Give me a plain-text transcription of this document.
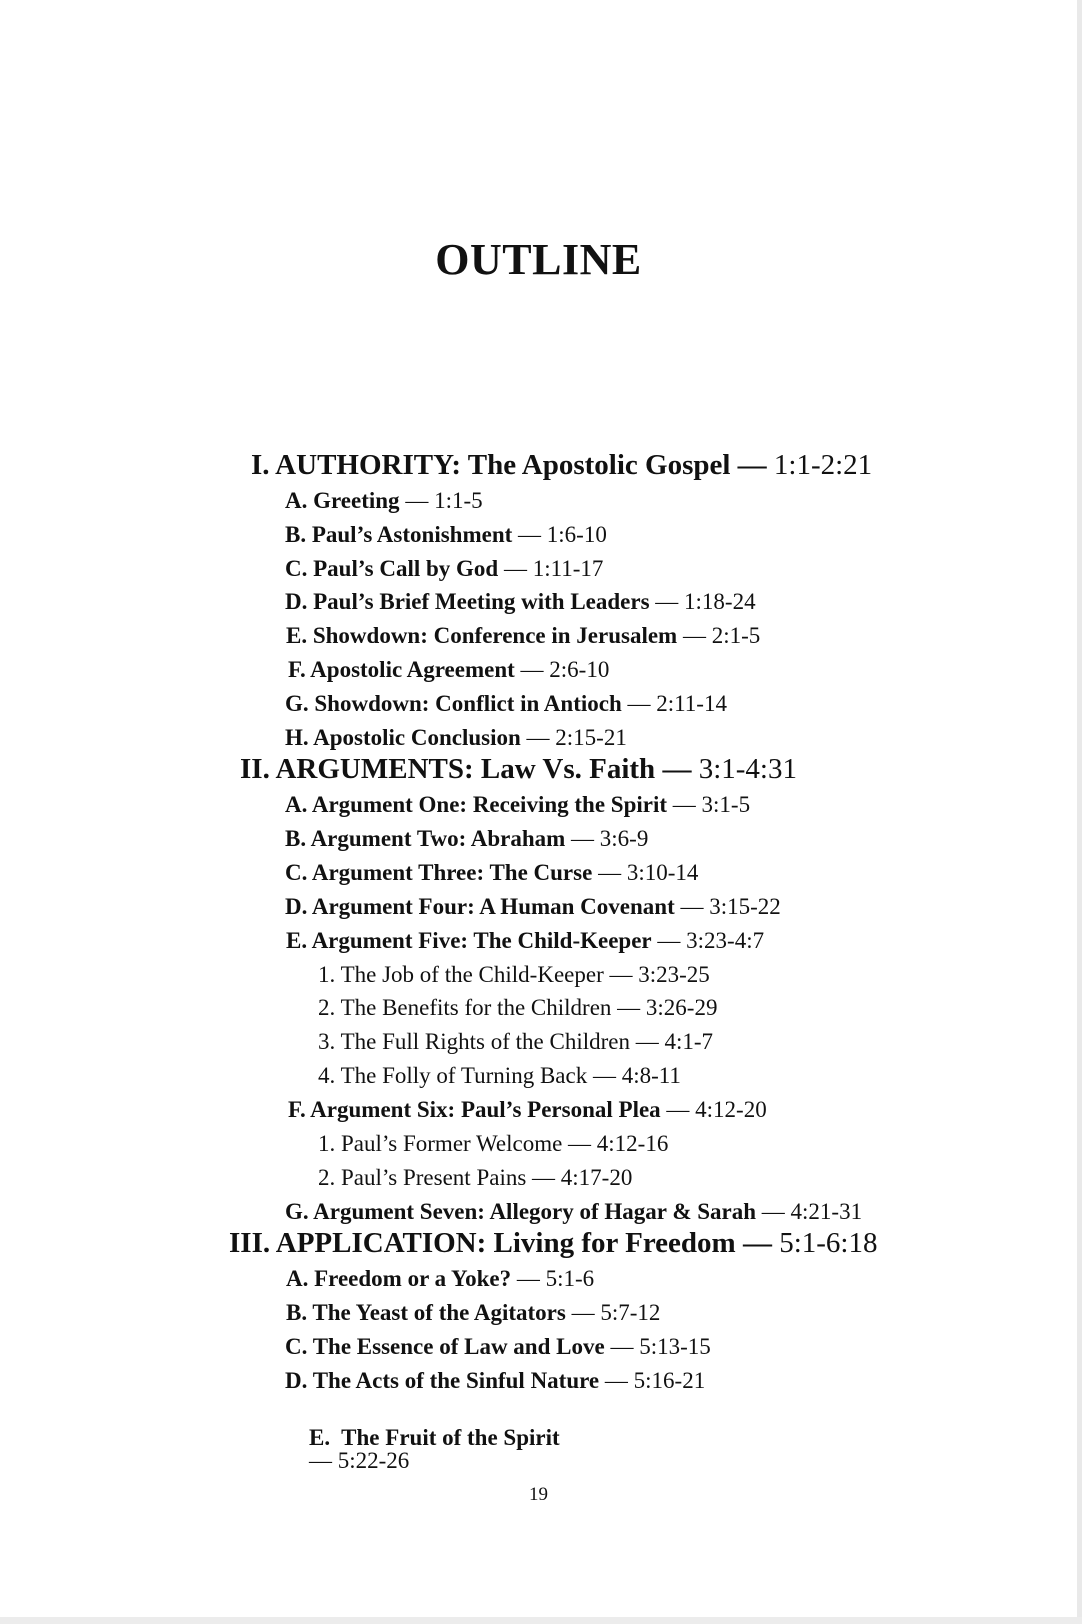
OUTLINE
I. AUTHORITY: The Apostolic Gospel — 1:1-2:21
A. Greeting — 1:1-5
B. Paul’s Astonishment — 1:6-10
C. Paul’s Call by God — 1:11-17
D. Paul’s Brief Meeting with Leaders — 1:18-24
E. Showdown: Conference in Jerusalem — 2:1-5
F. Apostolic Agreement — 2:6-10
G. Showdown: Conflict in Antioch — 2:11-14
H. Apostolic Conclusion — 2:15-21
II. ARGUMENTS: Law Vs. Faith — 3:1-4:31
A. Argument One: Receiving the Spirit — 3:1-5
B. Argument Two: Abraham — 3:6-9
C. Argument Three: The Curse — 3:10-14
D. Argument Four: A Human Covenant — 3:15-22
E. Argument Five: The Child-Keeper — 3:23-4:7
1. The Job of the Child-Keeper — 3:23-25
2. The Benefits for the Children — 3:26-29
3. The Full Rights of the Children — 4:1-7
4. The Folly of Turning Back — 4:8-11
F. Argument Six: Paul’s Personal Plea — 4:12-20
1. Paul’s Former Welcome — 4:12-16
2. Paul’s Present Pains — 4:17-20
G. Argument Seven: Allegory of Hagar & Sarah — 4:21-31
III. APPLICATION: Living for Freedom — 5:1-6:18
A. Freedom or a Yoke? — 5:1-6
B. The Yeast of the Agitators — 5:7-12
C. The Essence of Law and Love — 5:13-15
D. The Acts of the Sinful Nature — 5:16-21

E.  The Fruit of the Spirit
— 5:22-26

19
